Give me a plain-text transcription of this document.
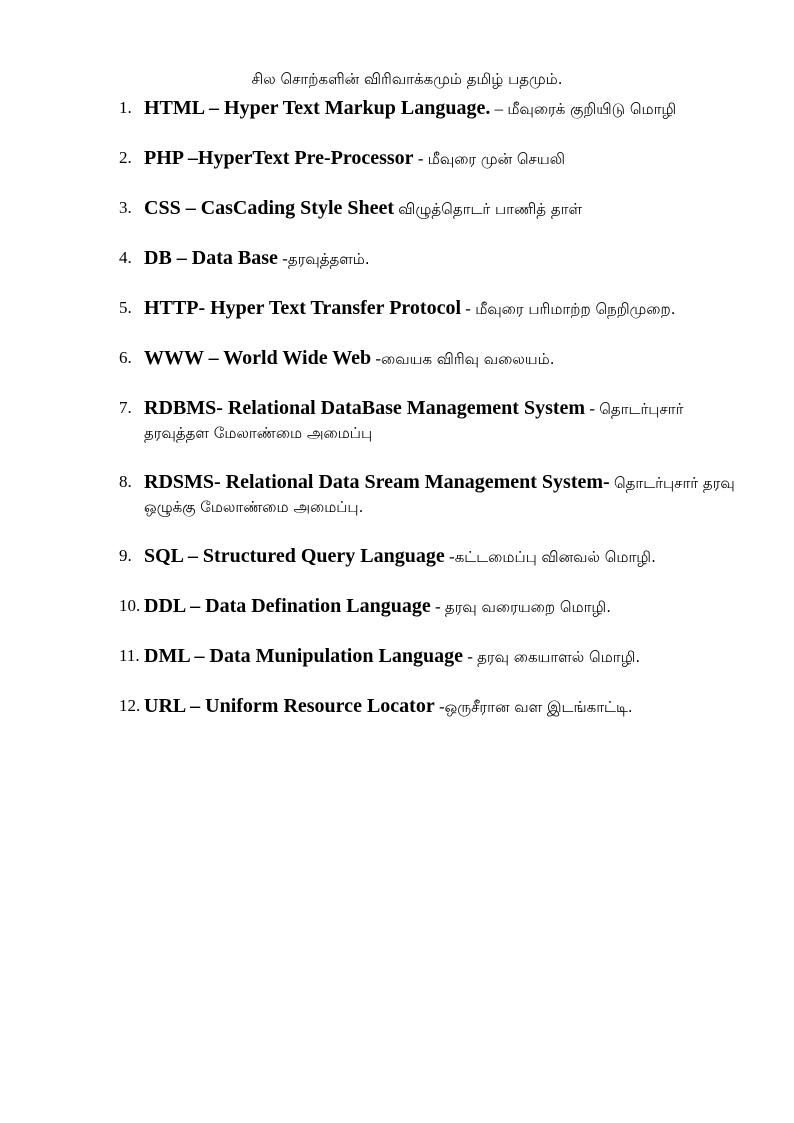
சில சொற்களின் விரிவாக்கமும் தமிழ் பதமும்.
1. HTML – Hyper Text Markup Language. – மீவுரைக் குறியிடு மொழி
2. PHP –HyperText Pre-Processor - மீவுரை முன் செயலி
3. CSS – CasCading Style Sheet விழுத்தொடர் பாணித் தாள்
4. DB – Data Base -தரவுத்தளம்.
5. HTTP- Hyper Text Transfer Protocol - மீவுரை பரிமாற்ற நெறிமுறை.
6. WWW – World Wide Web -வையக விரிவு வலையம்.
7. RDBMS- Relational DataBase Management System - தொடர்புசார் தரவுத்தள மேலாண்மை அமைப்பு
8. RDSMS- Relational Data Sream Management System- தொடர்புசார் தரவு ஒழுக்கு மேலாண்மை அமைப்பு.
9. SQL – Structured Query Language -கட்டமைப்பு வினவல் மொழி.
10. DDL – Data Defination Language - தரவு வரையறை மொழி.
11. DML – Data Munipulation Language - தரவு கையாளல் மொழி.
12. URL – Uniform Resource Locator -ஒருசீரான வள இடங்காட்டி.
